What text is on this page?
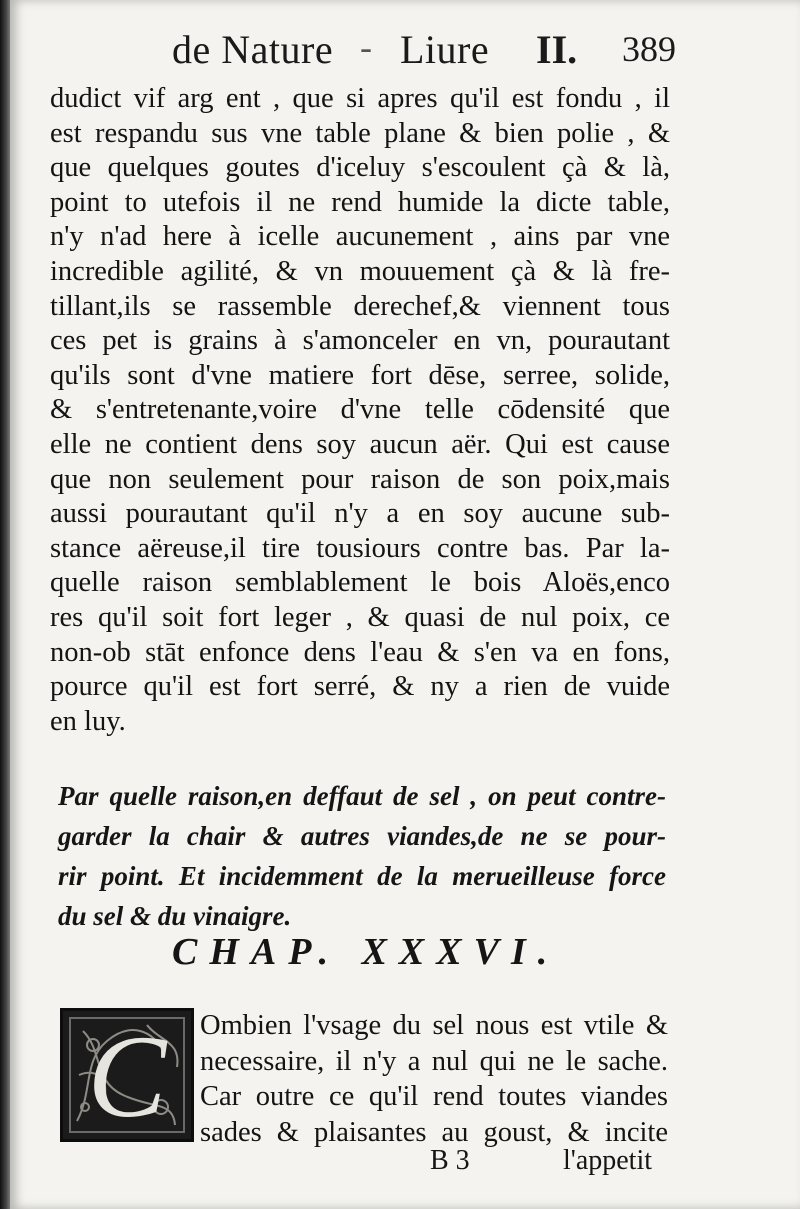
de Nature - Liure II. 389
dudict vif arg ent , que si apres qu'il est fondu , il
est respandu sus vne table plane & bien polie , &
que quelques goutes d'iceluy s'escoulent çà & là,
point to utefois il ne rend humide la dicte table,
n'y n'ad here à icelle aucunement , ains par vne
incredible agilité, & vn mouuement çà & là fre-
tillant,ils se rassemble derechef,& viennent tous
ces pet is grains à s'amonceler en vn, pourautant
qu'ils sont d'vne matiere fort dēse, serree, solide,
& s'entretenante,voire d'vne telle cōdensité que
elle ne contient dens soy aucun aër. Qui est cause
que non seulement pour raison de son poix,mais
aussi pourautant qu'il n'y a en soy aucune sub-
stance aëreuse,il tire tousiours contre bas. Par la-
quelle raison semblablement le bois Aloës,enco
res qu'il soit fort leger , & quasi de nul poix, ce
non-ob stāt enfonce dens l'eau & s'en va en fons,
pource qu'il est fort serré, & ny a rien de vuide
en luy.
Par quelle raison,en deffaut de sel , on peut contre-
garder la chair & autres viandes,de ne se pour-
rir point. Et incidemment de la merueilleuse force
du sel & du vinaigre.
CHAP. XXXVI.
C	Ombien l'vsage du sel nous est vtile &
necessaire, il n'y a nul qui ne le sache.
Car outre ce qu'il rend toutes viandes
sades & plaisantes au goust, & incite
B 3	l'appetit
